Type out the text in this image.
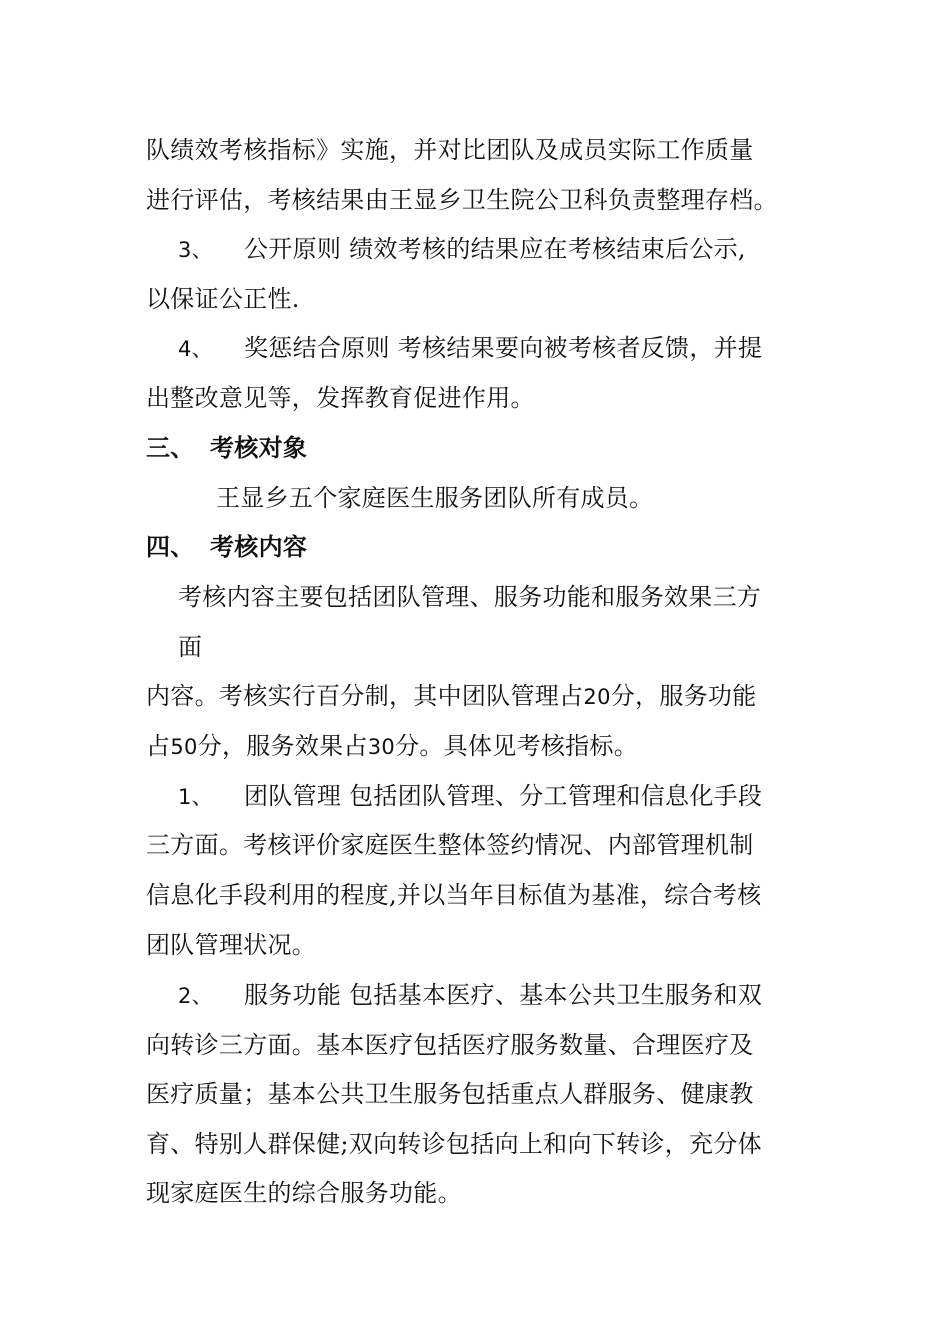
队绩效考核指标》实施，并对比团队及成员实际工作质量
进行评估，考核结果由王显乡卫生院公卫科负责整理存档。
3、 公开原则 绩效考核的结果应在考核结束后公示,
以保证公正性.
4、 奖惩结合原则 考核结果要向被考核者反馈，并提
出整改意见等，发挥教育促进作用。
三、 考核对象
王显乡五个家庭医生服务团队所有成员。
四、 考核内容
考核内容主要包括团队管理、服务功能和服务效果三方
面
内容。考核实行百分制，其中团队管理占20分，服务功能
占50分，服务效果占30分。具体见考核指标。
1、 团队管理 包括团队管理、分工管理和信息化手段
三方面。考核评价家庭医生整体签约情况、内部管理机制
信息化手段利用的程度,并以当年目标值为基准，综合考核
团队管理状况。
2、 服务功能 包括基本医疗、基本公共卫生服务和双
向转诊三方面。基本医疗包括医疗服务数量、合理医疗及
医疗质量；基本公共卫生服务包括重点人群服务、健康教
育、特别人群保健;双向转诊包括向上和向下转诊，充分体
现家庭医生的综合服务功能。
